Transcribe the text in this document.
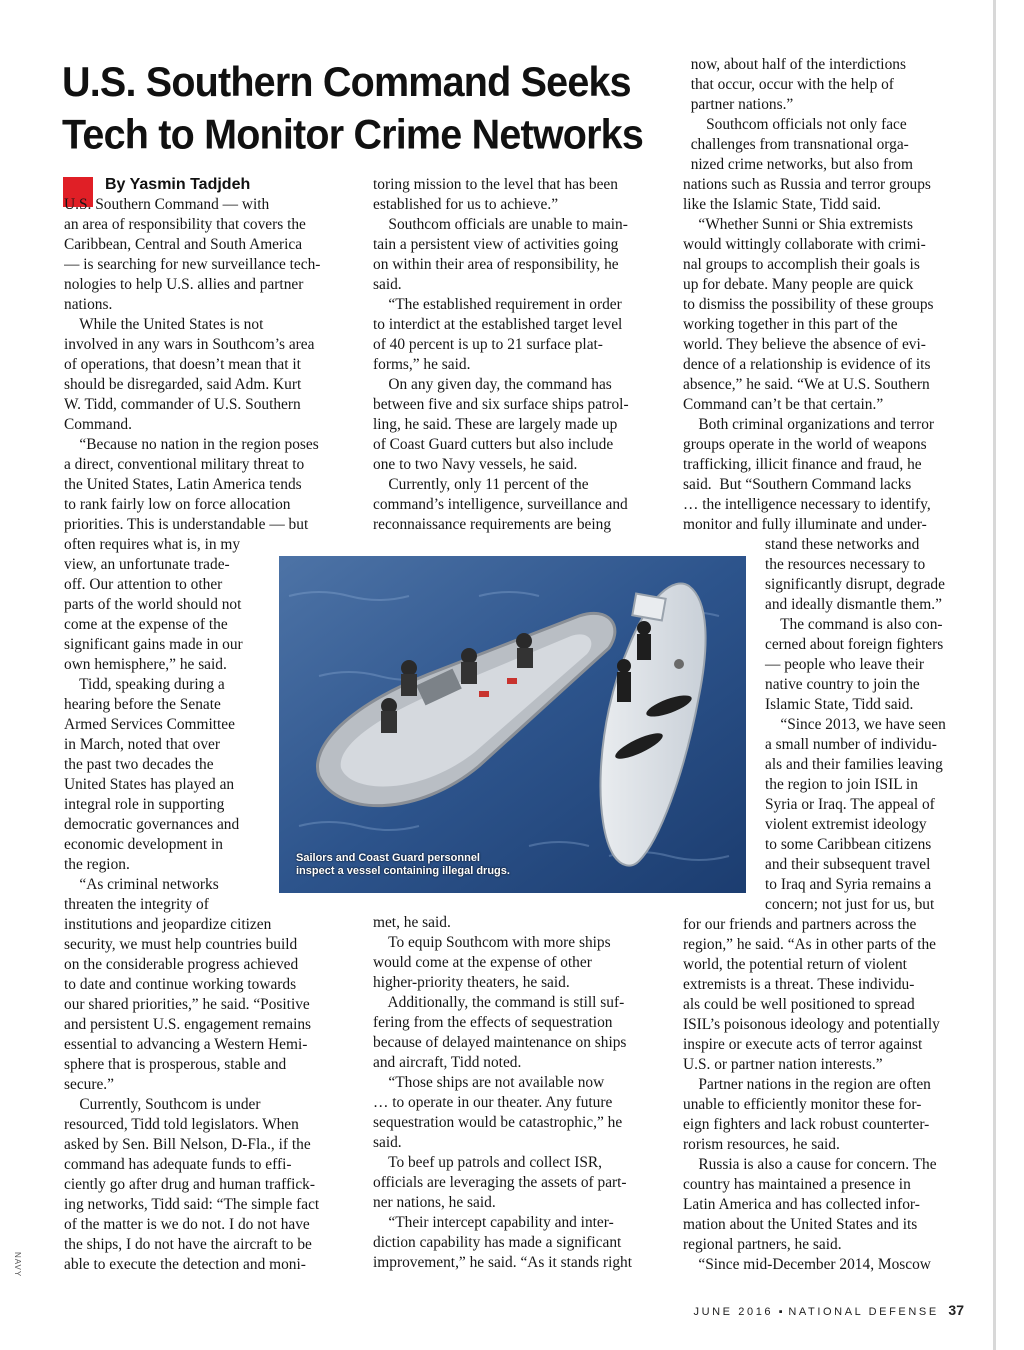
U.S. Southern Command Seeks
Tech to Monitor Crime Networks
By Yasmin Tadjdeh
U.S. Southern Command — with
an area of responsibility that covers the
Caribbean, Central and South America
— is searching for new surveillance tech-
nologies to help U.S. allies and partner
nations.
While the United States is not
involved in any wars in Southcom’s area
of operations, that doesn’t mean that it
should be disregarded, said Adm. Kurt
W. Tidd, commander of U.S. Southern
Command.
“Because no nation in the region poses
a direct, conventional military threat to
the United States, Latin America tends
to rank fairly low on force allocation
priorities. This is understandable — but
often requires what is, in my
view, an unfortunate trade-
off. Our attention to other
parts of the world should not
come at the expense of the
significant gains made in our
own hemisphere,” he said.
Tidd, speaking during a
hearing before the Senate
Armed Services Committee
in March, noted that over
the past two decades the
United States has played an
integral role in supporting
democratic governances and
economic development in
the region.
“As criminal networks
threaten the integrity of
institutions and jeopardize citizen
security, we must help countries build
on the considerable progress achieved
to date and continue working towards
our shared priorities,” he said. “Positive
and persistent U.S. engagement remains
essential to advancing a Western Hemi-
sphere that is prosperous, stable and
secure.”
Currently, Southcom is under
resourced, Tidd told legislators. When
asked by Sen. Bill Nelson, D-Fla., if the
command has adequate funds to effi-
ciently go after drug and human traffick-
ing networks, Tidd said: “The simple fact
of the matter is we do not. I do not have
the ships, I do not have the aircraft to be
able to execute the detection and moni-
toring mission to the level that has been
established for us to achieve.”
Southcom officials are unable to main-
tain a persistent view of activities going
on within their area of responsibility, he
said.
“The established requirement in order
to interdict at the established target level
of 40 percent is up to 21 surface plat-
forms,” he said.
On any given day, the command has
between five and six surface ships patrol-
ling, he said. These are largely made up
of Coast Guard cutters but also include
one to two Navy vessels, he said.
Currently, only 11 percent of the
command’s intelligence, surveillance and
reconnaissance requirements are being
met, he said.
To equip Southcom with more ships
would come at the expense of other
higher-priority theaters, he said.
Additionally, the command is still suf-
fering from the effects of sequestration
because of delayed maintenance on ships
and aircraft, Tidd noted.
“Those ships are not available now
… to operate in our theater. Any future
sequestration would be catastrophic,” he
said.
To beef up patrols and collect ISR,
officials are leveraging the assets of part-
ner nations, he said.
“Their intercept capability and inter-
diction capability has made a significant
improvement,” he said. “As it stands right
now, about half of the interdictions
that occur, occur with the help of
partner nations.”
Southcom officials not only face
challenges from transnational orga-
nized crime networks, but also from
nations such as Russia and terror groups
like the Islamic State, Tidd said.
“Whether Sunni or Shia extremists
would wittingly collaborate with crimi-
nal groups to accomplish their goals is
up for debate. Many people are quick
to dismiss the possibility of these groups
working together in this part of the
world. They believe the absence of evi-
dence of a relationship is evidence of its
absence,” he said. “We at U.S. Southern
Command can’t be that certain.”
Both criminal organizations and terror
groups operate in the world of weapons
trafficking, illicit finance and fraud, he
said.  But “Southern Command lacks
… the intelligence necessary to identify,
monitor and fully illuminate and under-
stand these networks and
the resources necessary to
significantly disrupt, degrade
and ideally dismantle them.”
The command is also con-
cerned about foreign fighters
— people who leave their
native country to join the
Islamic State, Tidd said.
“Since 2013, we have seen
a small number of individu-
als and their families leaving
the region to join ISIL in
Syria or Iraq. The appeal of
violent extremist ideology
to some Caribbean citizens
and their subsequent travel
to Iraq and Syria remains a
concern; not just for us, but
for our friends and partners across the
region,” he said. “As in other parts of the
world, the potential return of violent
extremists is a threat. These individu-
als could be well positioned to spread
ISIL’s poisonous ideology and potentially
inspire or execute acts of terror against
U.S. or partner nation interests.”
Partner nations in the region are often
unable to efficiently monitor these for-
eign fighters and lack robust counterter-
rorism resources, he said.
Russia is also a cause for concern. The
country has maintained a presence in
Latin America and has collected infor-
mation about the United States and its
regional partners, he said.
“Since mid-December 2014, Moscow
Sailors and Coast Guard personnel
inspect a vessel containing illegal drugs.
NAVY
JUNE 2016 ▪ NATIONAL DEFENSE 37
